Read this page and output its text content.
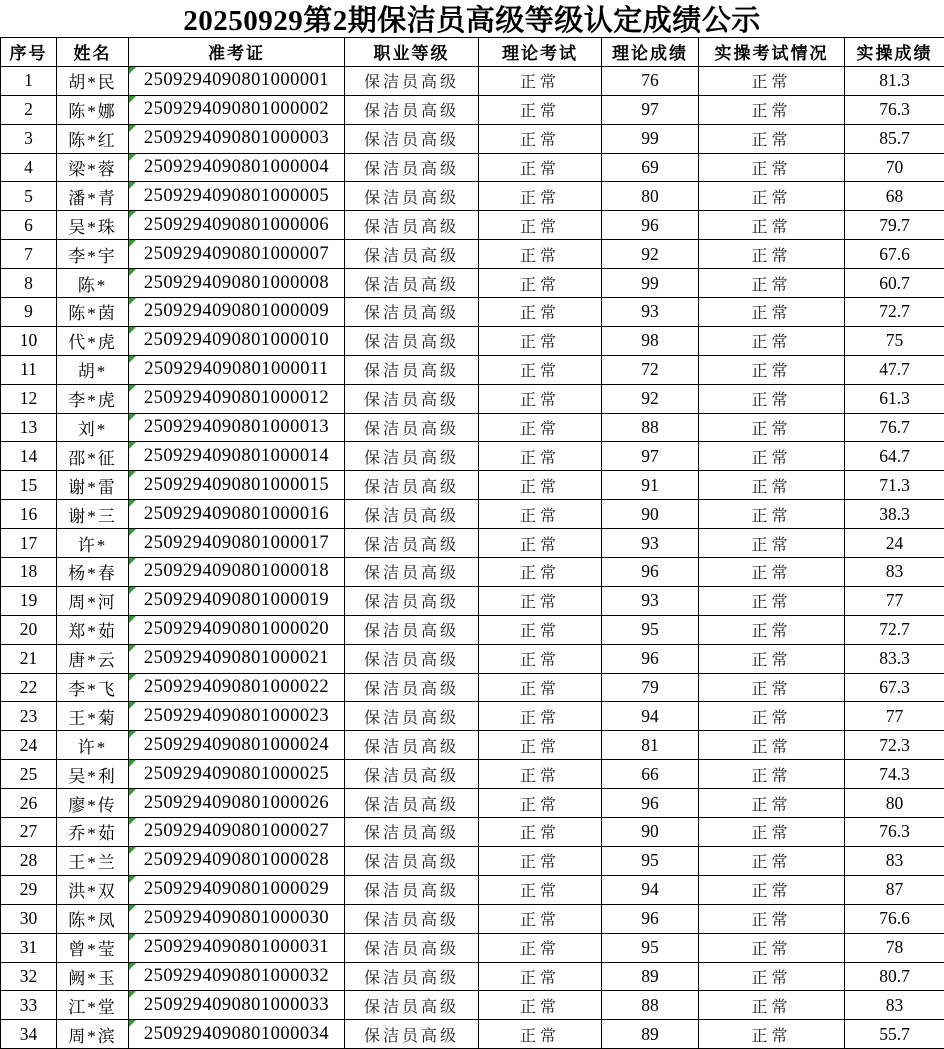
20250929第2期保洁员高级等级认定成绩公示
序号	姓名	准考证	职业等级	理论考试	理论成绩	实操考试情况	实操成绩
1	胡*民	2509294090801000001	保洁员高级	正常	76	正常	81.3
2	陈*娜	2509294090801000002	保洁员高级	正常	97	正常	76.3
3	陈*红	2509294090801000003	保洁员高级	正常	99	正常	85.7
4	梁*蓉	2509294090801000004	保洁员高级	正常	69	正常	70
5	潘*青	2509294090801000005	保洁员高级	正常	80	正常	68
6	吴*珠	2509294090801000006	保洁员高级	正常	96	正常	79.7
7	李*宇	2509294090801000007	保洁员高级	正常	92	正常	67.6
8	陈*	2509294090801000008	保洁员高级	正常	99	正常	60.7
9	陈*茵	2509294090801000009	保洁员高级	正常	93	正常	72.7
10	代*虎	2509294090801000010	保洁员高级	正常	98	正常	75
11	胡*	2509294090801000011	保洁员高级	正常	72	正常	47.7
12	李*虎	2509294090801000012	保洁员高级	正常	92	正常	61.3
13	刘*	2509294090801000013	保洁员高级	正常	88	正常	76.7
14	邵*征	2509294090801000014	保洁员高级	正常	97	正常	64.7
15	谢*雷	2509294090801000015	保洁员高级	正常	91	正常	71.3
16	谢*三	2509294090801000016	保洁员高级	正常	90	正常	38.3
17	许*	2509294090801000017	保洁员高级	正常	93	正常	24
18	杨*春	2509294090801000018	保洁员高级	正常	96	正常	83
19	周*河	2509294090801000019	保洁员高级	正常	93	正常	77
20	郑*茹	2509294090801000020	保洁员高级	正常	95	正常	72.7
21	唐*云	2509294090801000021	保洁员高级	正常	96	正常	83.3
22	李*飞	2509294090801000022	保洁员高级	正常	79	正常	67.3
23	王*菊	2509294090801000023	保洁员高级	正常	94	正常	77
24	许*	2509294090801000024	保洁员高级	正常	81	正常	72.3
25	吴*利	2509294090801000025	保洁员高级	正常	66	正常	74.3
26	廖*传	2509294090801000026	保洁员高级	正常	96	正常	80
27	乔*茹	2509294090801000027	保洁员高级	正常	90	正常	76.3
28	王*兰	2509294090801000028	保洁员高级	正常	95	正常	83
29	洪*双	2509294090801000029	保洁员高级	正常	94	正常	87
30	陈*凤	2509294090801000030	保洁员高级	正常	96	正常	76.6
31	曾*莹	2509294090801000031	保洁员高级	正常	95	正常	78
32	阙*玉	2509294090801000032	保洁员高级	正常	89	正常	80.7
33	江*堂	2509294090801000033	保洁员高级	正常	88	正常	83
34	周*滨	2509294090801000034	保洁员高级	正常	89	正常	55.7
